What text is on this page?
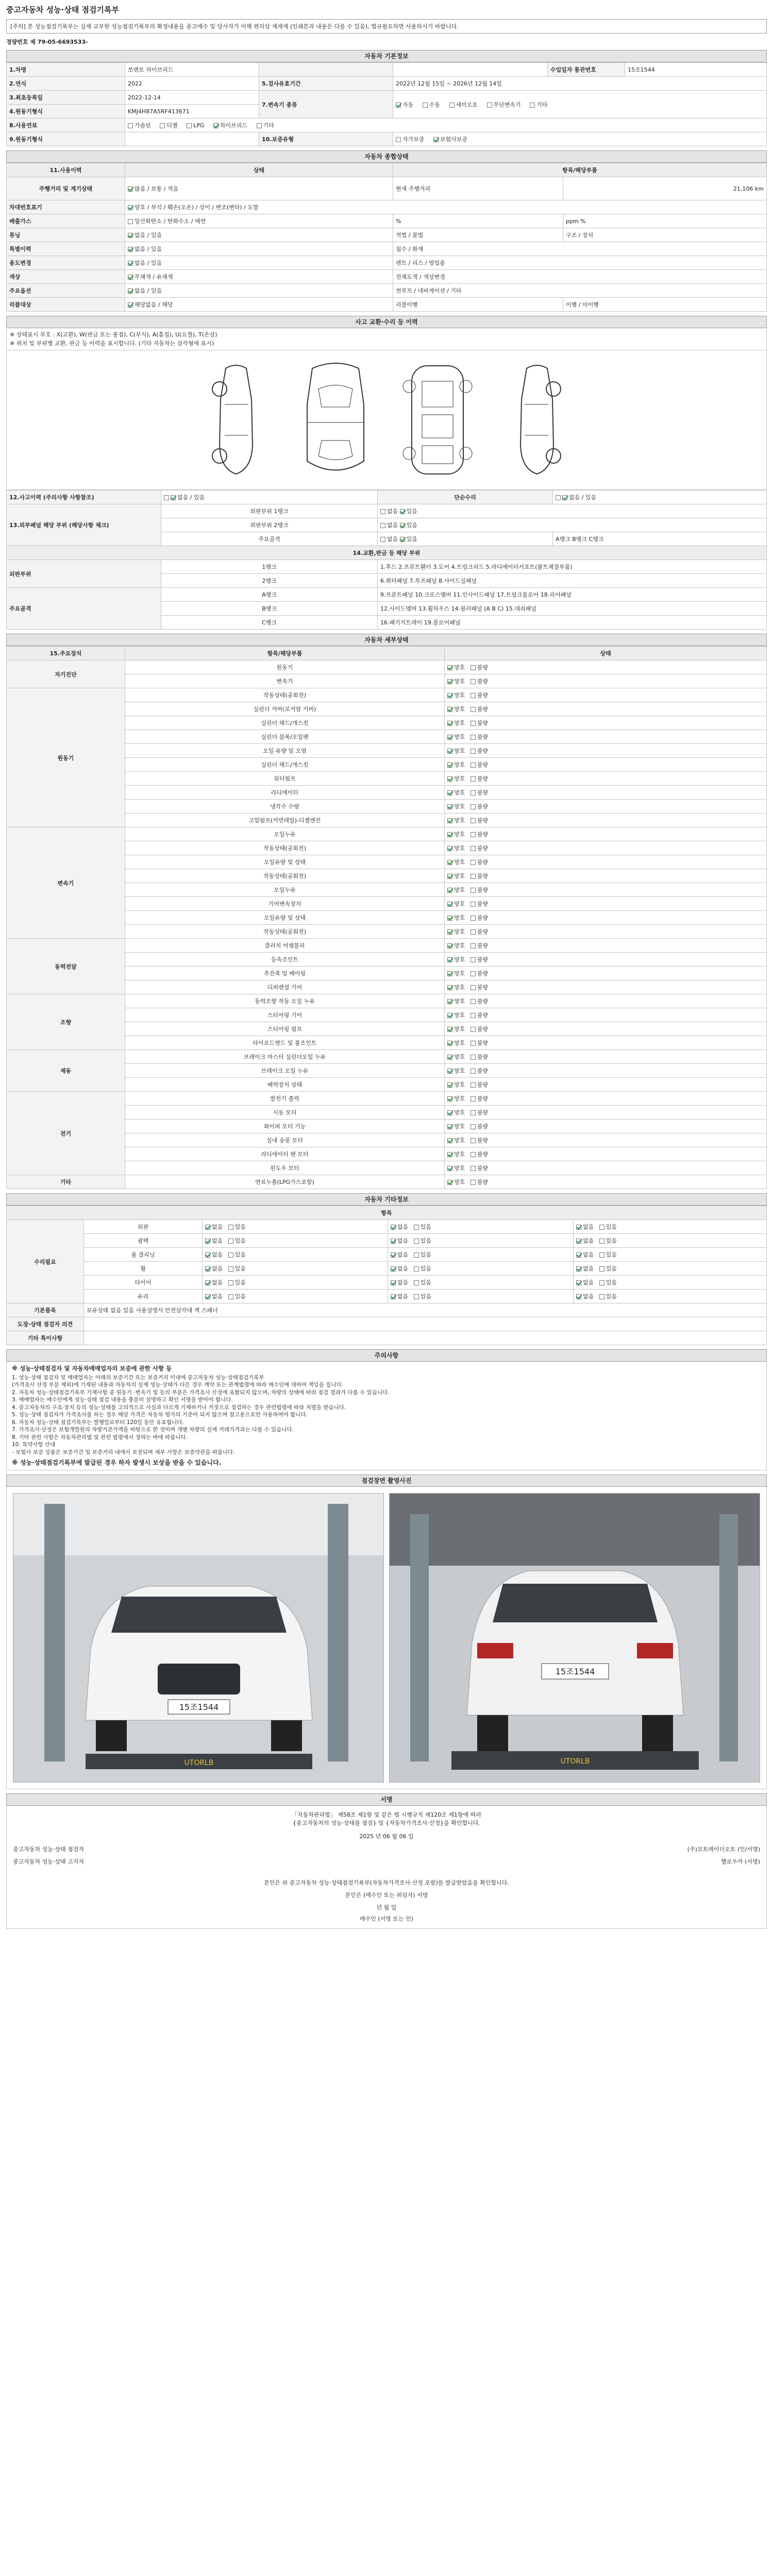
중고자동차 성능·상태 점검기록부
[주의] 본 성능점검기록부는 실제 교부한 성능점검기록부의 확정내용을 중고매수 및 당사자가 이해 편의상 재게재 (인쇄본과 내용은 다를 수 있음), 법규필요하면 사용하시기 바랍니다.
정량번호 제 79-05-6693533-
자동차 기본정보
1.차명	쏘렌토 하이브리드			수입일자 통관번호	15조1544
2.연식	2022	5.검사유효기간	2022년 12월 15일 ~ 2026년 12월 14일		
3.최초등록일	2022-12-14	7.변속기 종류	자동 수동 세미오토 무단변속기 기타		
4.원동기형식	KMJ4H87A5RF413671				
8.사용연료	가솔린 디젤 LPG 하이브리드 기타				
9.원동기형식		10.보증유형	자가보증 보험사보증		
자동차 종합상태
11.사용이력	상태	항목/해당부품	
주행거리 및 계기상태	많음 / 보통 / 적음	현재 주행거리	21,106 km
차대번호표기	양호 / 부식 / 훼손(오손) / 상이 / 변조(변타) / 도말		
배출가스	일산화탄소 / 탄화수소 / 매연	%	ppm %
튜닝	없음 / 있음	적법 / 불법	구조 / 장치
특별이력	없음 / 있음	침수 / 화재	
용도변경	없음 / 있음	렌트 / 리스 / 영업용	
색상	무채색 / 유채색	전체도색 / 색상변경	
주요옵션	없음 / 있음	썬루프 / 네비게이션 / 기타	
리콜대상	해당없음 / 해당	리콜이행	이행 / 미이행
사고 교환·수리 등 이력
※ 상태표시 부호 : X(교환), W(판금 또는 용접), C(부식), A(흠집), U(요철), T(손상)
※ 위치 및 부위별 교환, 판금 등 이력을 표시합니다. (기타 자동차는 삼각형에 표시)
12.사고이력 (주의사항 사항참조)	없음 / 있음	단순수리	없음 / 있음
13.외부패널 해당 부위 (해당사항 체크)	외판부위 1랭크	없음 있음	
	외판부위 2랭크	없음 있음	
	주요골격	없음 있음	A랭크 B랭크 C랭크
14.교환,판금 등 해당 부위			
외판부위	1랭크	1.후드 2.프론트휀더 3.도어 4.트렁크리드 5.라디에이터서포트(볼트체결부품)	
	2랭크	6.쿼터패널 7.루프패널 8.사이드실패널	
주요골격	A랭크	9.프론트패널 10.크로스멤버 11.인사이드패널 17.트렁크플로어 18.리어패널	
	B랭크	12.사이드멤버 13.휠하우스 14.필러패널 (A B C) 15.대쉬패널	
	C랭크	16.패키지트레이 19.플로어패널	
자동차 세부상태
15.주요장치	항목/해당부품	상태
자기진단	원동기	양호   불량
	변속기	양호   불량
원동기	작동상태(공회전)	양호   불량
	실린더 커버(로커암 커버)	양호   불량
	실린더 헤드/개스킷	양호   불량
	실린더 블록/오일팬	양호   불량
	오일 유량 및 오염	양호   불량
	실린더 헤드/개스킷	양호   불량
	워터펌프	양호   불량
	라디에이터	양호   불량
	냉각수 수량	양호   불량
	고압펌프(커먼레일)-디젤엔진	양호   불량
변속기	오일누유	양호   불량
	작동상태(공회전)	양호   불량
	오일유량 및 상태	양호   불량
	작동상태(공회전)	양호   불량
	오일누유	양호   불량
	기어변속장치	양호   불량
	오일유량 및 상태	양호   불량
	작동상태(공회전)	양호   불량
동력전달	클러치 어셈블리	양호   불량
	등속조인트	양호   불량
	추진축 및 베어링	양호   불량
	디퍼렌셜 기어	양호   불량
조향	동력조향 작동 오일 누유	양호   불량
	스티어링 기어	양호   불량
	스티어링 펌프	양호   불량
	타이로드엔드 및 볼조인트	양호   불량
제동	브레이크 마스터 실린더오일 누유	양호   불량
	브레이크 오일 누유	양호   불량
	배력장치 상태	양호   불량
전기	발전기 출력	양호   불량
	시동 모터	양호   불량
	와이퍼 모터 기능	양호   불량
	실내 송풍 모터	양호   불량
	라디에이터 팬 모터	양호   불량
	윈도우 모터	양호   불량
기타	연료누출(LPG가스포함)	양호   불량
자동차 기타정보
항목				
수리필요	외관	없음   있음	없음   있음	없음   있음
	광택	없음   있음	없음   있음	없음   있음
	룸 클리닝	없음   있음	없음   있음	없음   있음
	휠	없음   있음	없음   있음	없음   있음
	타이어	없음   있음	없음   있음	없음   있음
	유리	없음   있음	없음   있음	없음   있음
기본품목	보유상태 없음 있음 사용설명서 안전삼각대 잭 스패너			
도장·상태 점검자 의견				
기타 특이사항				
주의사항
※ 성능·상태점검자 및 자동차매매업자의 보증에 관한 사항 등
1. 성능·상태 점검자 및 매매업자는 아래의 보증기간 또는 보증거리 이내에 중고자동차 성능·상태점검기록부
(가격조사 산정 부분 제외)에 기재된 내용과 자동차의 실제 성능·상태가 다른 경우 계약 또는 관계법령에 따라 매수인에 대하여 책임을 집니다.
2. 자동차 성능·상태점검기록부 기재사항 중 원동기 ·변속기 및 등의 부분은 가격조사 산정에 포함되지 않으며, 차량의 상태에 따라 점검 결과가 다를 수 있습니다.
3. 매매업자는 매수인에게 성능·상태 점검 내용을 충분히 설명하고 확인 서명을 받아야 합니다.
4. 중고자동차의 구조·장치 등의 성능·상태를 고의적으로 사실과 다르게 기재하거나 거짓으로 점검하는 경우 관련법령에 따라 처벌을 받습니다.
5. 성능·상태 점검자가 가격조사를 하는 경우 해당 가격은 자동차 평가의 기준이 되지 않으며 참고용으로만 사용하여야 합니다.
6. 자동차 성능·상태 점검기록부는 발행일로부터 120일 동안 유효합니다.
7. 가격조사·산정은 보험개발원의 차량기준가액을 바탕으로 한 것이며 개별 차량의 실제 거래가격과는 다를 수 있습니다.
8. 기타 관련 사항은 자동차관리법 및 관련 법령에서 정하는 바에 따릅니다.
10. 특약사항 안내
- 보험사 보증 상품은 보증기간 및 보증거리 내에서 보장되며 세부 사항은 보증약관을 따릅니다.
※ 성능·상태점검기록부에 발급된 경우 하자 발생시 보상을 받을 수 있습니다.
점검장면 촬영사진
15조1544
UTORLB
15조1544
UTORLB
서명
「자동차관리법」 제58조 제1항 및 같은 법 시행규칙 제120조 제1항에 따라
{중고자동차의 성능·상태를 점검} 및 {자동차가격조사·산정}을 확인합니다.
2025 년 06 월 06 일
중고자동차 성능·상태 점검자	(주)모토레이더오토 (인/서명)
중고자동차 성능·상태 고지자	헬로우카 (서명)
본인은 위 중고자동차 성능·상태점검기록부(자동차가격조사·산정 포함)를 발급받았음을 확인합니다.
본인은 (매수인 또는 위임자) 서명
년 월 일
매수인 (서명 또는 인)
